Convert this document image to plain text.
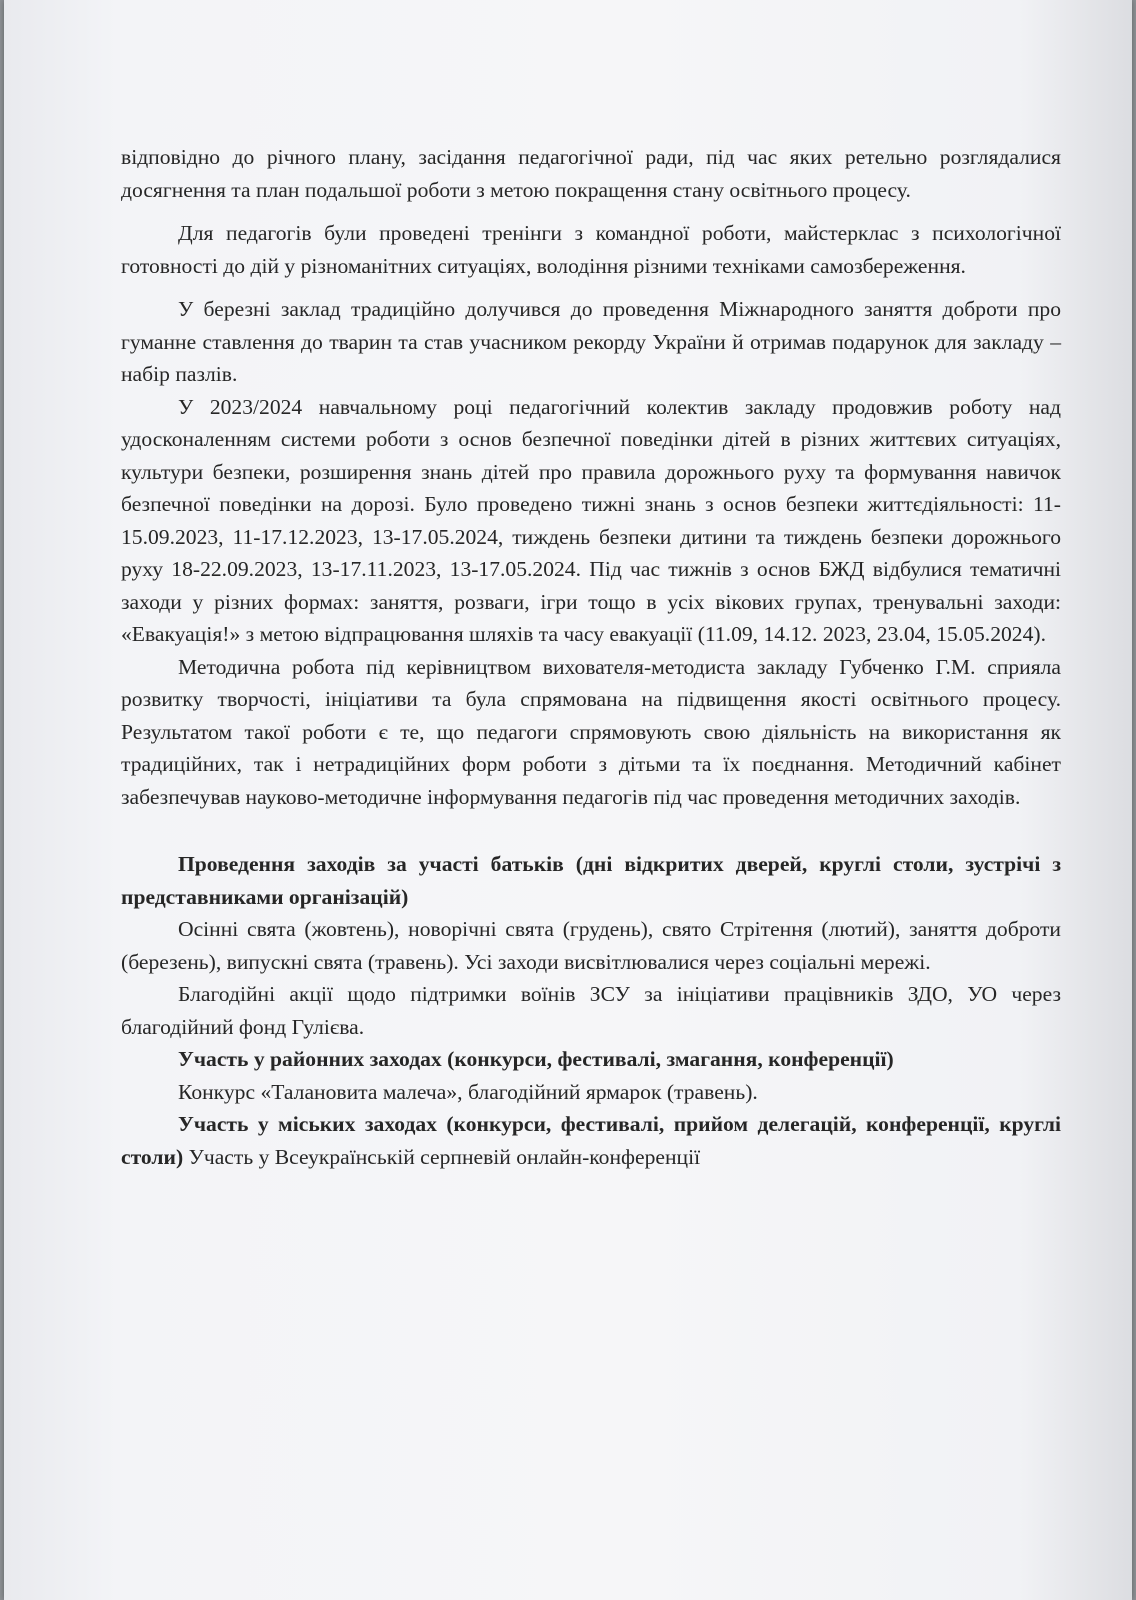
відповідно до річного плану, засідання педагогічної ради, під час яких ретельно розглядалися досягнення та план подальшої роботи з метою покращення стану освітнього процесу.

Для педагогів були проведені тренінги з командної роботи, майстерклас з психологічної готовності до дій у різноманітних ситуаціях, володіння різними техніками самозбереження.

У березні заклад традиційно долучився до проведення Міжнародного заняття доброти про гуманне ставлення до тварин та став учасником рекорду України й отримав подарунок для закладу – набір пазлів.

У 2023/2024 навчальному році педагогічний колектив закладу продовжив роботу над удосконаленням системи роботи з основ безпечної поведінки дітей в різних життєвих ситуаціях, культури безпеки, розширення знань дітей про правила дорожнього руху та формування навичок безпечної поведінки на дорозі. Було проведено тижні знань з основ безпеки життєдіяльності: 11-15.09.2023, 11-17.12.2023, 13-17.05.2024, тиждень безпеки дитини та тиждень безпеки дорожнього руху 18-22.09.2023, 13-17.11.2023, 13-17.05.2024. Під час тижнів з основ БЖД відбулися тематичні заходи у різних формах: заняття, розваги, ігри тощо в усіх вікових групах, тренувальні заходи: «Евакуація!» з метою відпрацювання шляхів та часу евакуації (11.09, 14.12. 2023, 23.04, 15.05.2024).

Методична робота під керівництвом вихователя-методиста закладу Губченко Г.М. сприяла розвитку творчості, ініціативи та була спрямована на підвищення якості освітнього процесу. Результатом такої роботи є те, що педагоги спрямовують свою діяльність на використання як традиційних, так і нетрадиційних форм роботи з дітьми та їх поєднання. Методичний кабінет забезпечував науково-методичне інформування педагогів під час проведення методичних заходів.

Проведення заходів за участі батьків (дні відкритих дверей, круглі столи, зустрічі з представниками організацій)

Осінні свята (жовтень), новорічні свята (грудень), свято Стрітення (лютий), заняття доброти (березень), випускні свята (травень). Усі заходи висвітлювалися через соціальні мережі.

Благодійні акції щодо підтримки воїнів ЗСУ за ініціативи працівників ЗДО, УО через благодійний фонд Гулієва.

Участь у районних заходах (конкурси, фестивалі, змагання, конференції)

Конкурс «Талановита малеча», благодійний ярмарок (травень).

Участь у міських заходах (конкурси, фестивалі, прийом делегацій, конференції, круглі столи) Участь у Всеукраїнській серпневій онлайн-конференції
